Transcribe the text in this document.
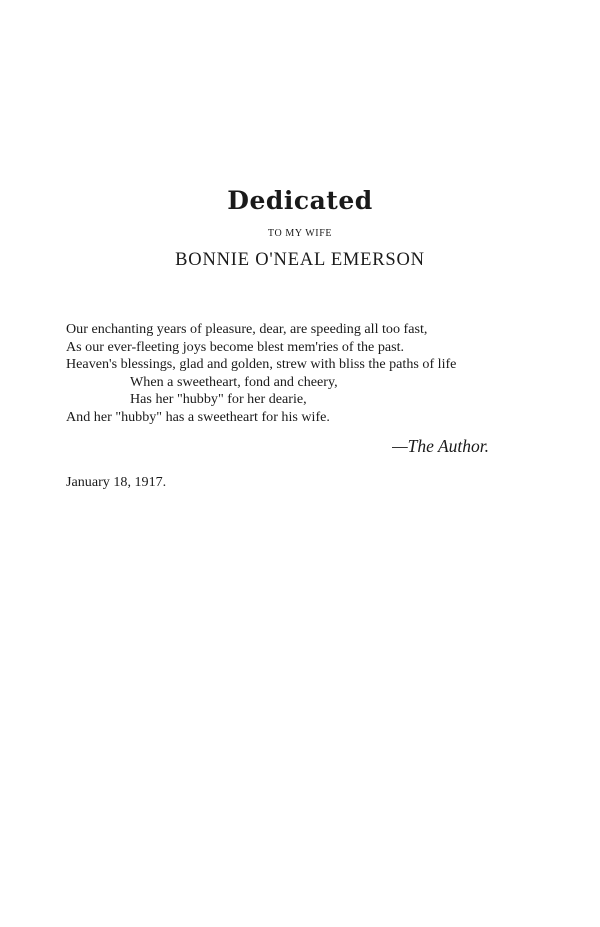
Dedicated
TO MY WIFE
BONNIE O'NEAL EMERSON
Our enchanting years of pleasure, dear, are speeding all too fast,
As our ever-fleeting joys become blest mem'ries of the past.
Heaven's blessings, glad and golden, strew with bliss the paths of life
When a sweetheart, fond and cheery,
Has her "hubby" for her dearie,
And her "hubby" has a sweetheart for his wife.
—The Author.
January 18, 1917.
